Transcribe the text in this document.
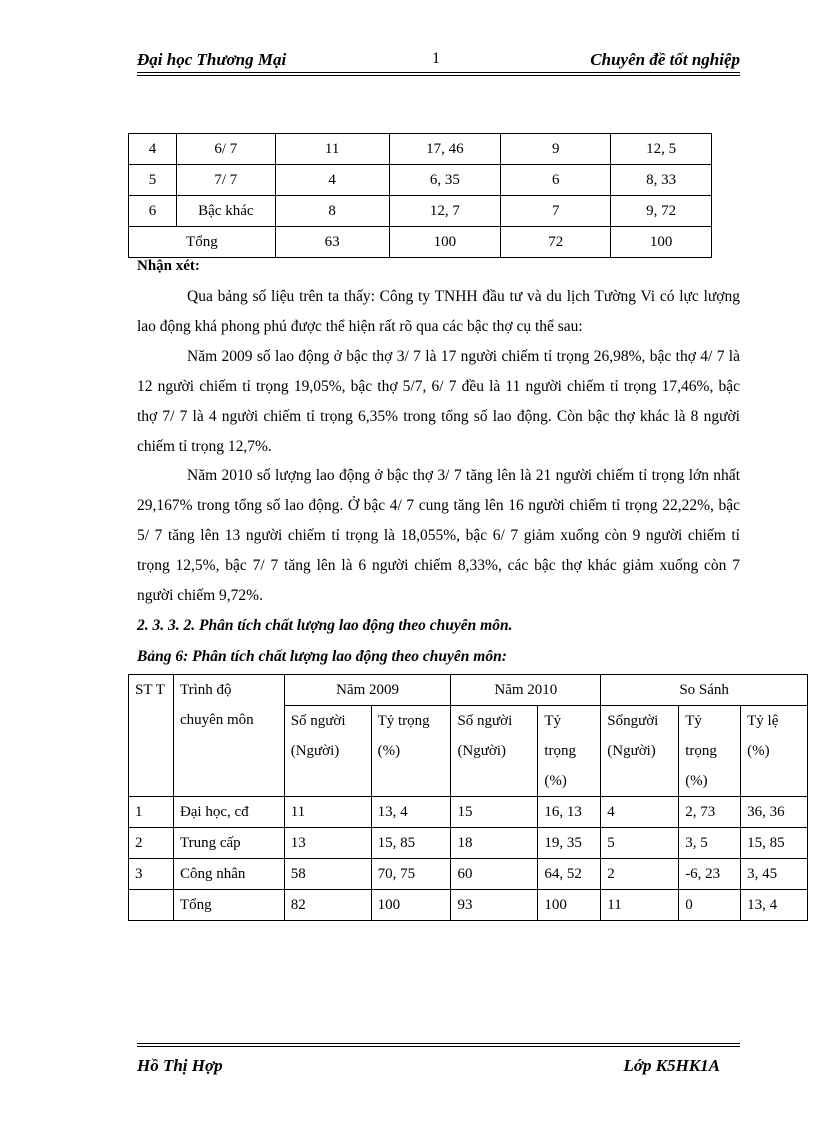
Đại học Thương Mại	1	Chuyên đề tốt nghiệp
4	6/ 7	11	17, 46	9	12, 5
5	7/ 7	4	6, 35	6	8, 33
6	Bậc khác	8	12, 7	7	9, 72
Tổng		63	100	72	100
Nhận xét:
Qua bảng số liệu trên ta thấy: Công ty TNHH đầu tư và du lịch Tường Vi có lực lượng lao động khá phong phú được thể hiện rất rõ qua các bậc thợ cụ thể sau:
Năm 2009 số lao động ở bậc thợ 3/ 7 là 17 người chiếm tỉ trọng 26,98%, bậc thợ 4/ 7 là 12 người chiếm tỉ trọng 19,05%, bậc thợ 5/7, 6/ 7 đều là 11 người chiếm tỉ trọng 17,46%, bậc thợ 7/ 7 là 4 người chiếm tỉ trọng 6,35% trong tổng số lao động. Còn bậc thợ khác là 8 người chiếm tỉ trọng 12,7%.
Năm 2010 số lượng lao động ở bậc thợ 3/ 7 tăng lên là 21 người chiếm tỉ trọng lớn nhất 29,167% trong tổng số lao động. Ở bậc 4/ 7 cung tăng lên 16 người chiếm tỉ trọng 22,22%, bậc 5/ 7 tăng lên 13 người chiếm tỉ trọng là 18,055%, bậc 6/ 7 giảm xuống còn 9 người chiếm tỉ trọng 12,5%, bậc 7/ 7 tăng lên là 6 người chiếm 8,33%, các bậc thợ khác giảm xuống còn 7 người chiếm 9,72%.
2. 3. 3. 2. Phân tích chất lượng lao động theo chuyên môn.
Bảng 6: Phân tích chất lượng lao động theo chuyên môn:
ST T	Trình độ chuyên môn	Năm 2009		Năm 2010		So Sánh		
		Số người (Người)	Tỷ trọng (%)	Số người (Người)	Tỷ trọng (%)	Sốngười (Người)	Tỷ trọng (%)	Tỷ lệ (%)
1	Đại học, cđ	11	13, 4	15	16, 13	4	2, 73	36, 36
2	Trung cấp	13	15, 85	18	19, 35	5	3, 5	15, 85
3	Công nhân	58	70, 75	60	64, 52	2	-6, 23	3, 45
	Tổng	82	100	93	100	11	0	13, 4
Hồ Thị Hợp	Lớp K5HK1A
